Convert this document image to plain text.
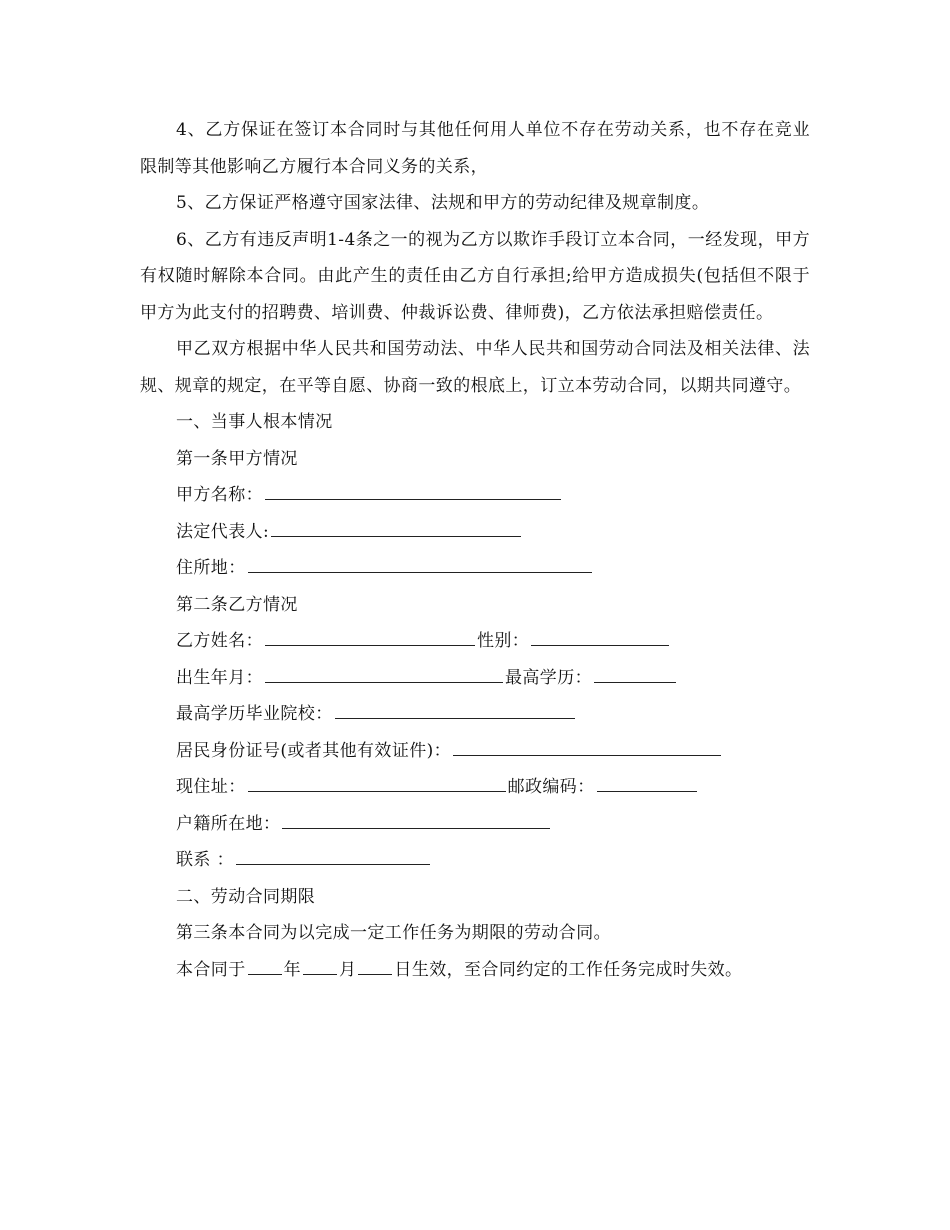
4、乙方保证在签订本合同时与其他任何用人单位不存在劳动关系，也不存在竞业限制等其他影响乙方履行本合同义务的关系，

5、乙方保证严格遵守国家法律、法规和甲方的劳动纪律及规章制度。

6、乙方有违反声明1-4条之一的视为乙方以欺诈手段订立本合同，一经发现，甲方有权随时解除本合同。由此产生的责任由乙方自行承担;给甲方造成损失(包括但不限于甲方为此支付的招聘费、培训费、仲裁诉讼费、律师费)，乙方依法承担赔偿责任。

甲乙双方根据中华人民共和国劳动法、中华人民共和国劳动合同法及相关法律、法规、规章的规定，在平等自愿、协商一致的根底上，订立本劳动合同，以期共同遵守。

一、当事人根本情况

第一条甲方情况

甲方名称：

法定代表人:

住所地：

第二条乙方情况

乙方姓名：	性别：

出生年月：	最高学历：

最高学历毕业院校：

居民身份证号(或者其他有效证件)：

现住址：	邮政编码：

户籍所在地：

联系 ：

二、劳动合同期限

第三条本合同为以完成一定工作任务为期限的劳动合同。

本合同于 年 月 日生效，至合同约定的工作任务完成时失效。
